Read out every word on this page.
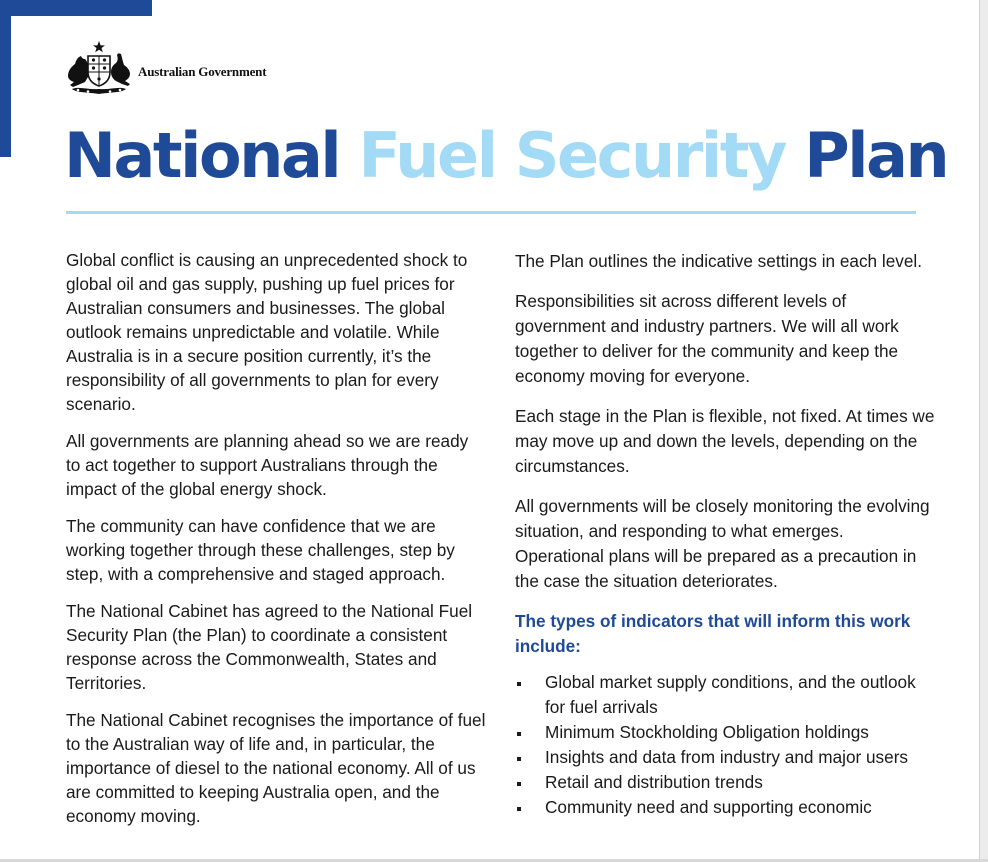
Australian Government
National Fuel Security Plan

Global conflict is causing an unprecedented shock to global oil and gas supply, pushing up fuel prices for Australian consumers and businesses. The global outlook remains unpredictable and volatile. While Australia is in a secure position currently, it’s the responsibility of all governments to plan for every scenario.

All governments are planning ahead so we are ready to act together to support Australians through the impact of the global energy shock.

The community can have confidence that we are working together through these challenges, step by step, with a comprehensive and staged approach.

The National Cabinet has agreed to the National Fuel Security Plan (the Plan) to coordinate a consistent response across the Commonwealth, States and Territories.

The National Cabinet recognises the importance of fuel to the Australian way of life and, in particular, the importance of diesel to the national economy. All of us are committed to keeping Australia open, and the economy moving.

The Plan outlines the indicative settings in each level.

Responsibilities sit across different levels of government and industry partners. We will all work together to deliver for the community and keep the economy moving for everyone.

Each stage in the Plan is flexible, not fixed. At times we may move up and down the levels, depending on the circumstances.

All governments will be closely monitoring the evolving situation, and responding to what emerges. Operational plans will be prepared as a precaution in the case the situation deteriorates.

The types of indicators that will inform this work include:
Global market supply conditions, and the outlook for fuel arrivals
Minimum Stockholding Obligation holdings
Insights and data from industry and major users
Retail and distribution trends
Community need and supporting economic
